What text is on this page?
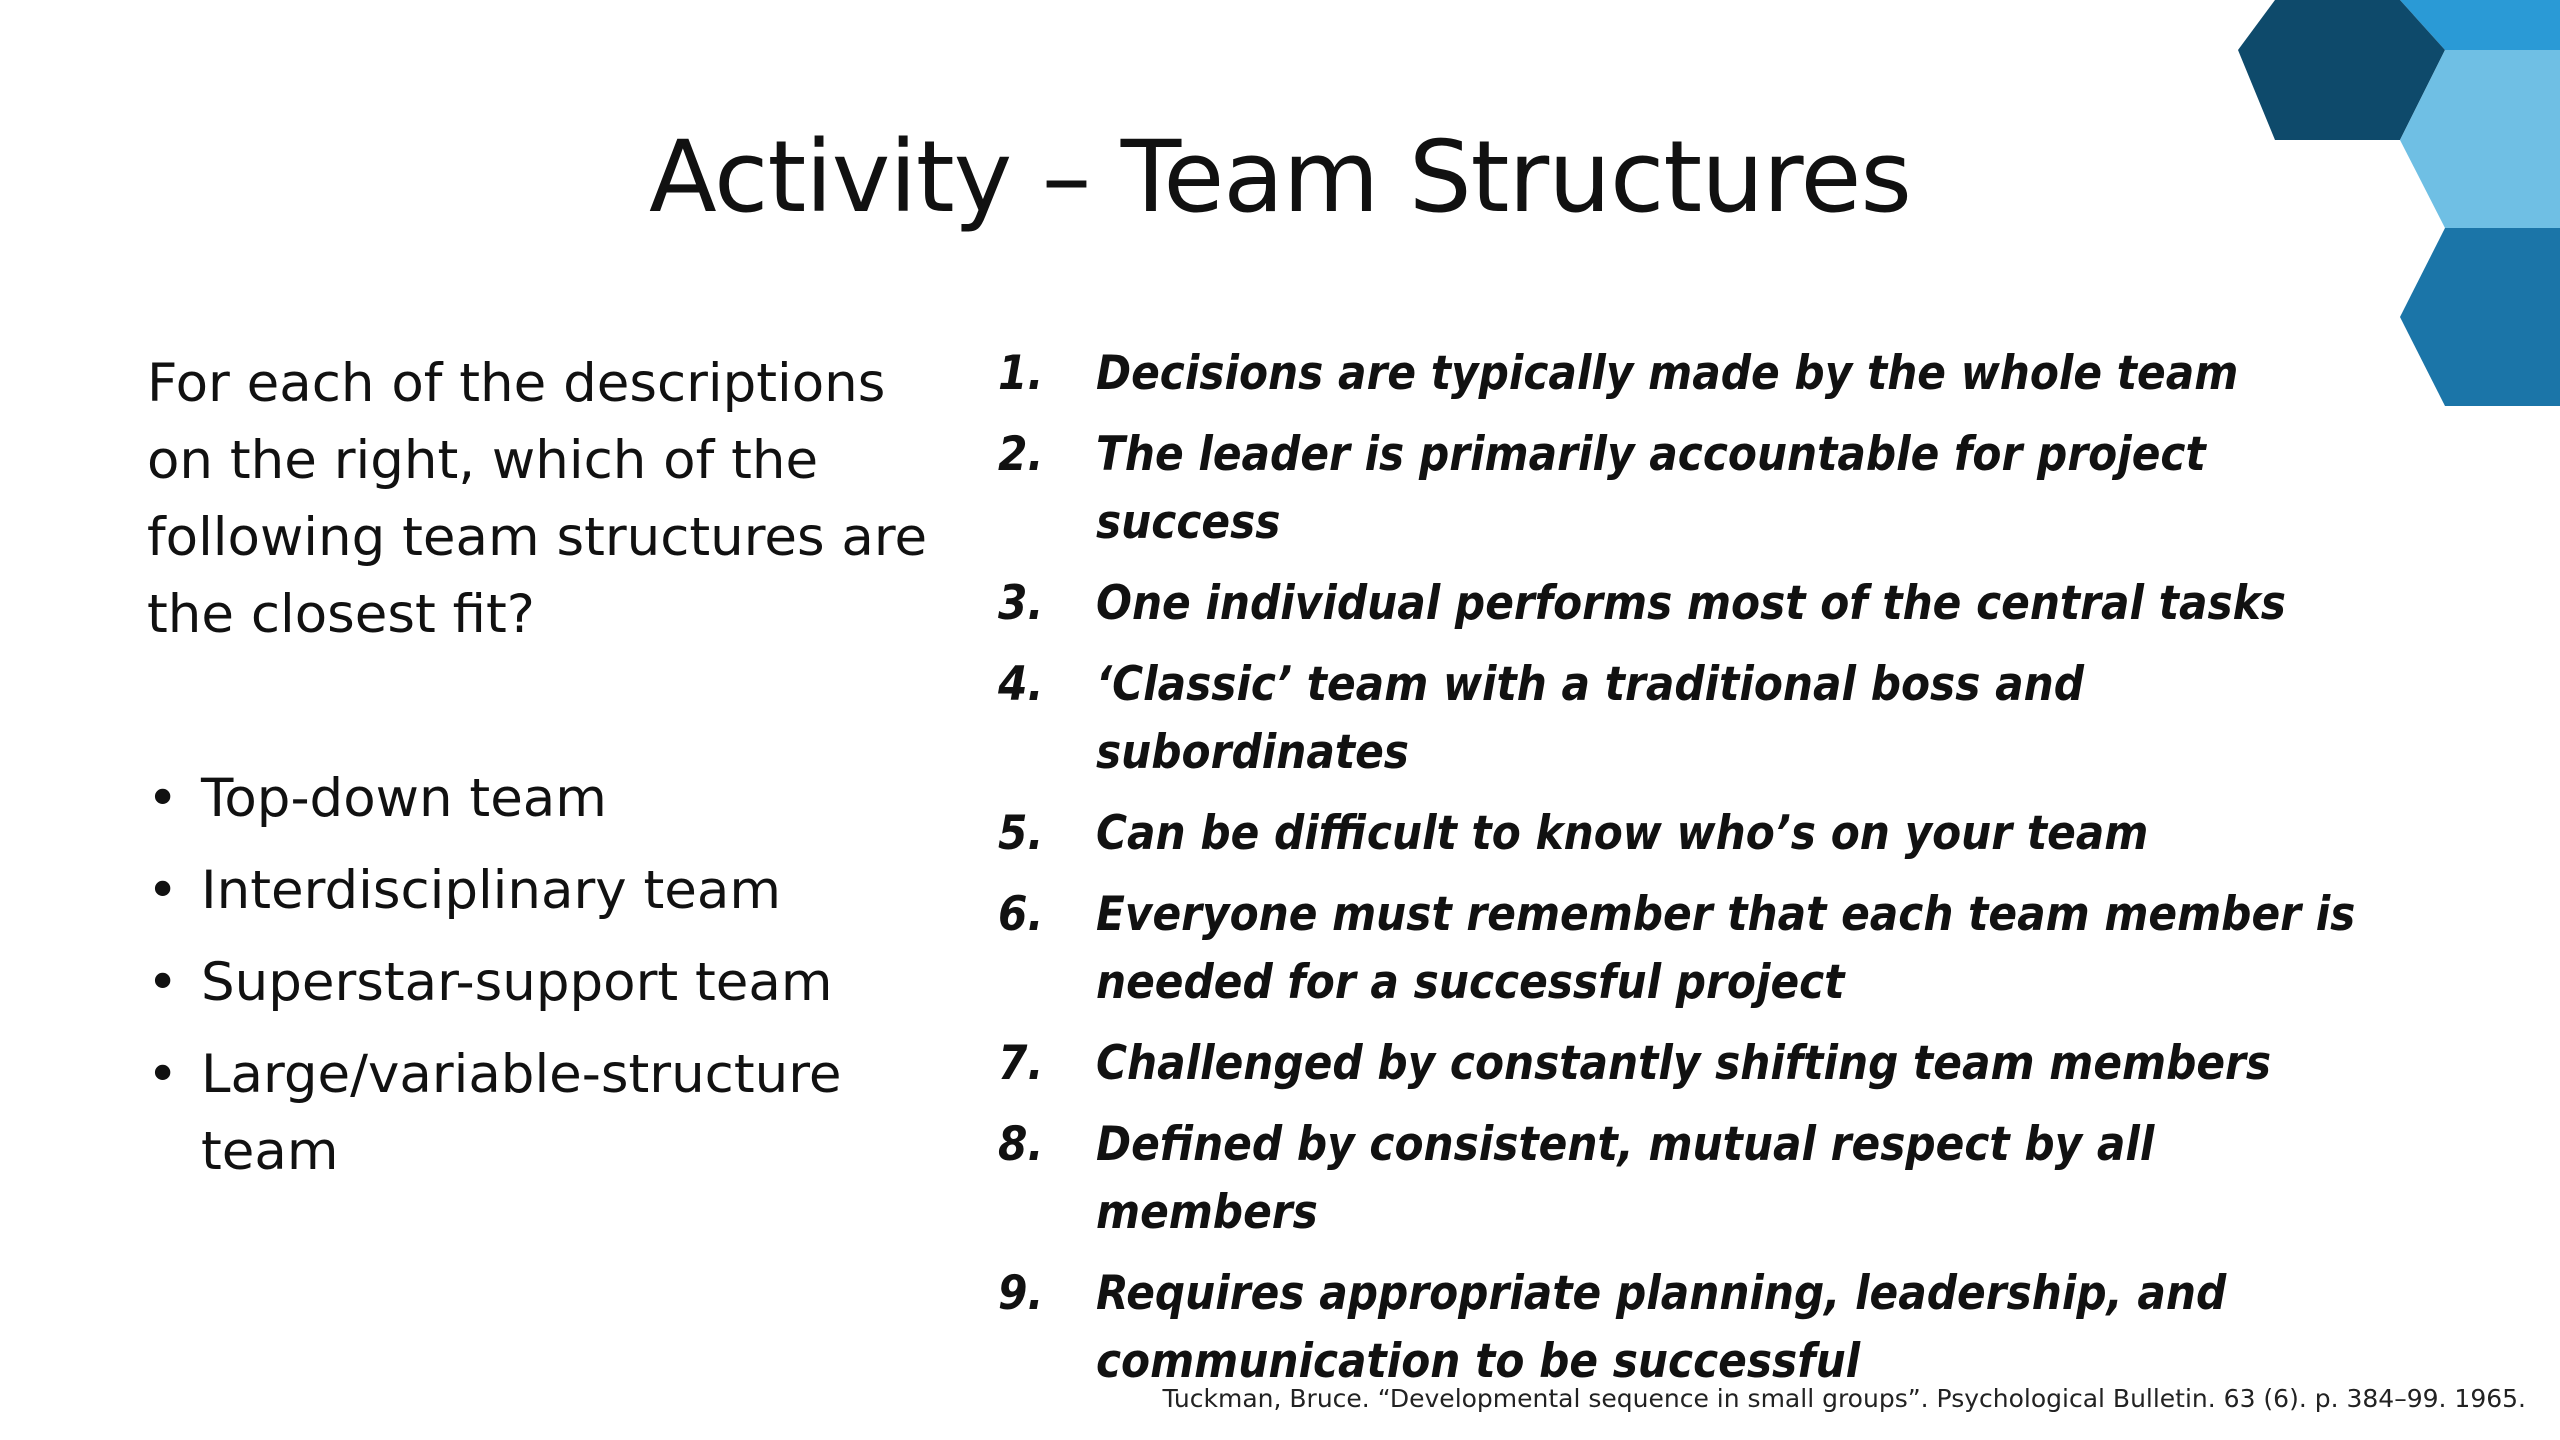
Activity – Team Structures

For each of the descriptions on the right, which of the following team structures are the closest fit?

• Top-down team
• Interdisciplinary team
• Superstar-support team
• Large/variable-structure team
1.	Decisions are typically made by the whole team
2.	The leader is primarily accountable for project success
3.	One individual performs most of the central tasks
4.	‘Classic’ team with a traditional boss and subordinates
5.	Can be difficult to know who’s on your team
6.	Everyone must remember that each team member is needed for a successful project
7.	Challenged by constantly shifting team members
8.	Defined by consistent, mutual respect by all members
9.	Requires appropriate planning, leadership, and communication to be successful
Tuckman, Bruce. “Developmental sequence in small groups”. Psychological Bulletin. 63 (6). p. 384–99. 1965.
